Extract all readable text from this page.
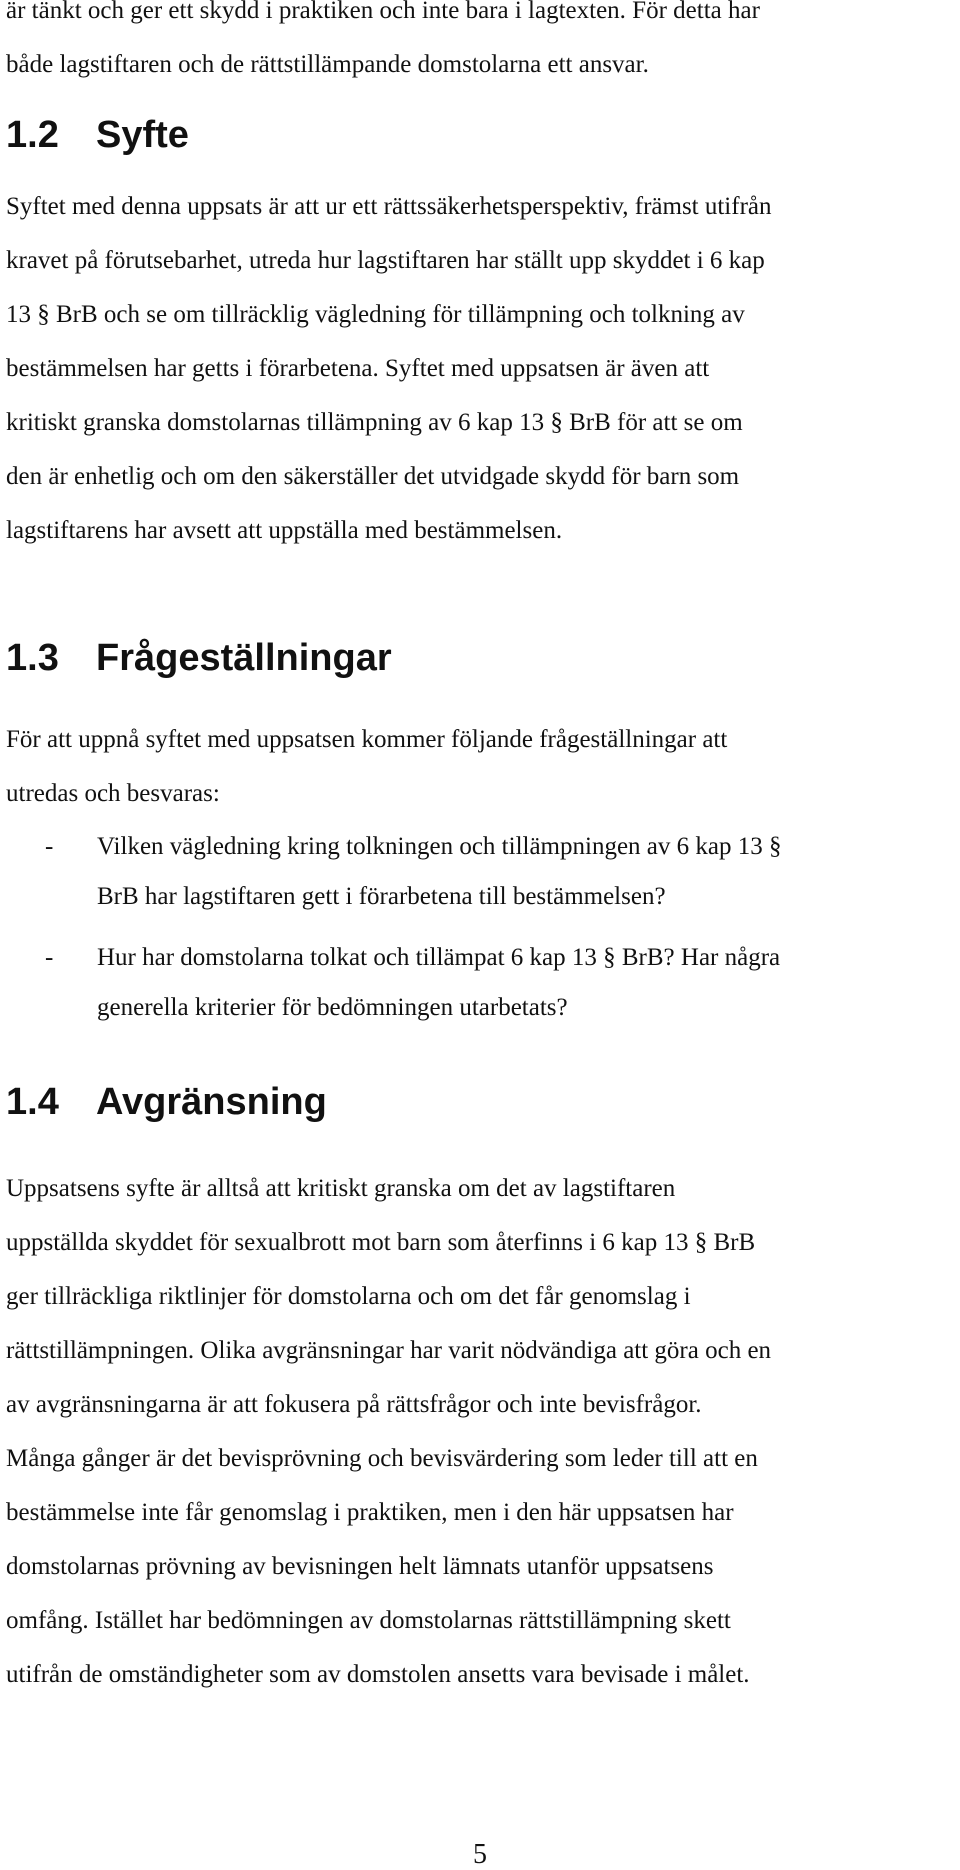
är tänkt och ger ett skydd i praktiken och inte bara i lagtexten. För detta har
både lagstiftaren och de rättstillämpande domstolarna ett ansvar.

1.2 Syfte

Syftet med denna uppsats är att ur ett rättssäkerhetsperspektiv, främst utifrån
kravet på förutsebarhet, utreda hur lagstiftaren har ställt upp skyddet i 6 kap
13 § BrB och se om tillräcklig vägledning för tillämpning och tolkning av
bestämmelsen har getts i förarbetena. Syftet med uppsatsen är även att
kritiskt granska domstolarnas tillämpning av 6 kap 13 § BrB för att se om
den är enhetlig och om den säkerställer det utvidgade skydd för barn som
lagstiftarens har avsett att uppställa med bestämmelsen.

1.3 Frågeställningar

För att uppnå syftet med uppsatsen kommer följande frågeställningar att
utredas och besvaras:

- Vilken vägledning kring tolkningen och tillämpningen av 6 kap 13 §
BrB har lagstiftaren gett i förarbetena till bestämmelsen?
- Hur har domstolarna tolkat och tillämpat 6 kap 13 § BrB? Har några
generella kriterier för bedömningen utarbetats?
1.4 Avgränsning

Uppsatsens syfte är alltså att kritiskt granska om det av lagstiftaren
uppställda skyddet för sexualbrott mot barn som återfinns i 6 kap 13 § BrB
ger tillräckliga riktlinjer för domstolarna och om det får genomslag i
rättstillämpningen. Olika avgränsningar har varit nödvändiga att göra och en
av avgränsningarna är att fokusera på rättsfrågor och inte bevisfrågor.
Många gånger är det bevisprövning och bevisvärdering som leder till att en
bestämmelse inte får genomslag i praktiken, men i den här uppsatsen har
domstolarnas prövning av bevisningen helt lämnats utanför uppsatsens
omfång. Istället har bedömningen av domstolarnas rättstillämpning skett
utifrån de omständigheter som av domstolen ansetts vara bevisade i målet.

5
